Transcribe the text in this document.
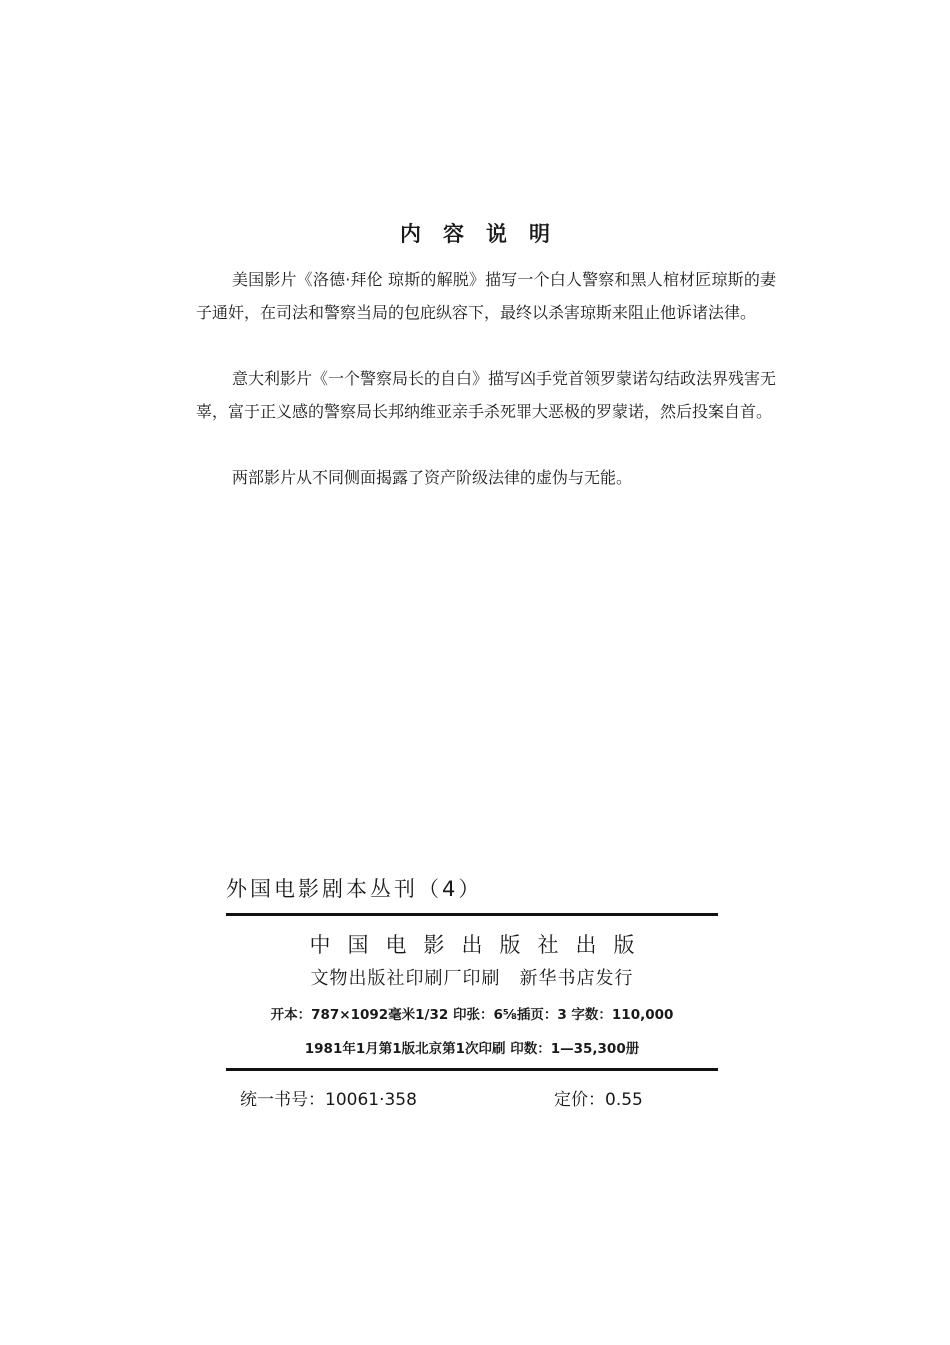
内容说明

美国影片《洛德·拜伦 琼斯的解脱》描写一个白人警察和黑人棺材匠琼斯的妻子通奸，在司法和警察当局的包庇纵容下，最终以杀害琼斯来阻止他诉诸法律。

意大利影片《一个警察局长的自白》描写凶手党首领罗蒙诺勾结政法界残害无辜，富于正义感的警察局长邦纳维亚亲手杀死罪大恶极的罗蒙诺，然后投案自首。

两部影片从不同侧面揭露了资产阶级法律的虚伪与无能。

外国电影剧本丛刊（4）
中国电影出版社出版
文物出版社印刷厂印刷　新华书店发行
开本：787×1092毫米1/32 印张：6⅝插页：3 字数：110,000
1981年1月第1版北京第1次印刷 印数：1—35,300册
统一书号：10061·358	定价：0.55
